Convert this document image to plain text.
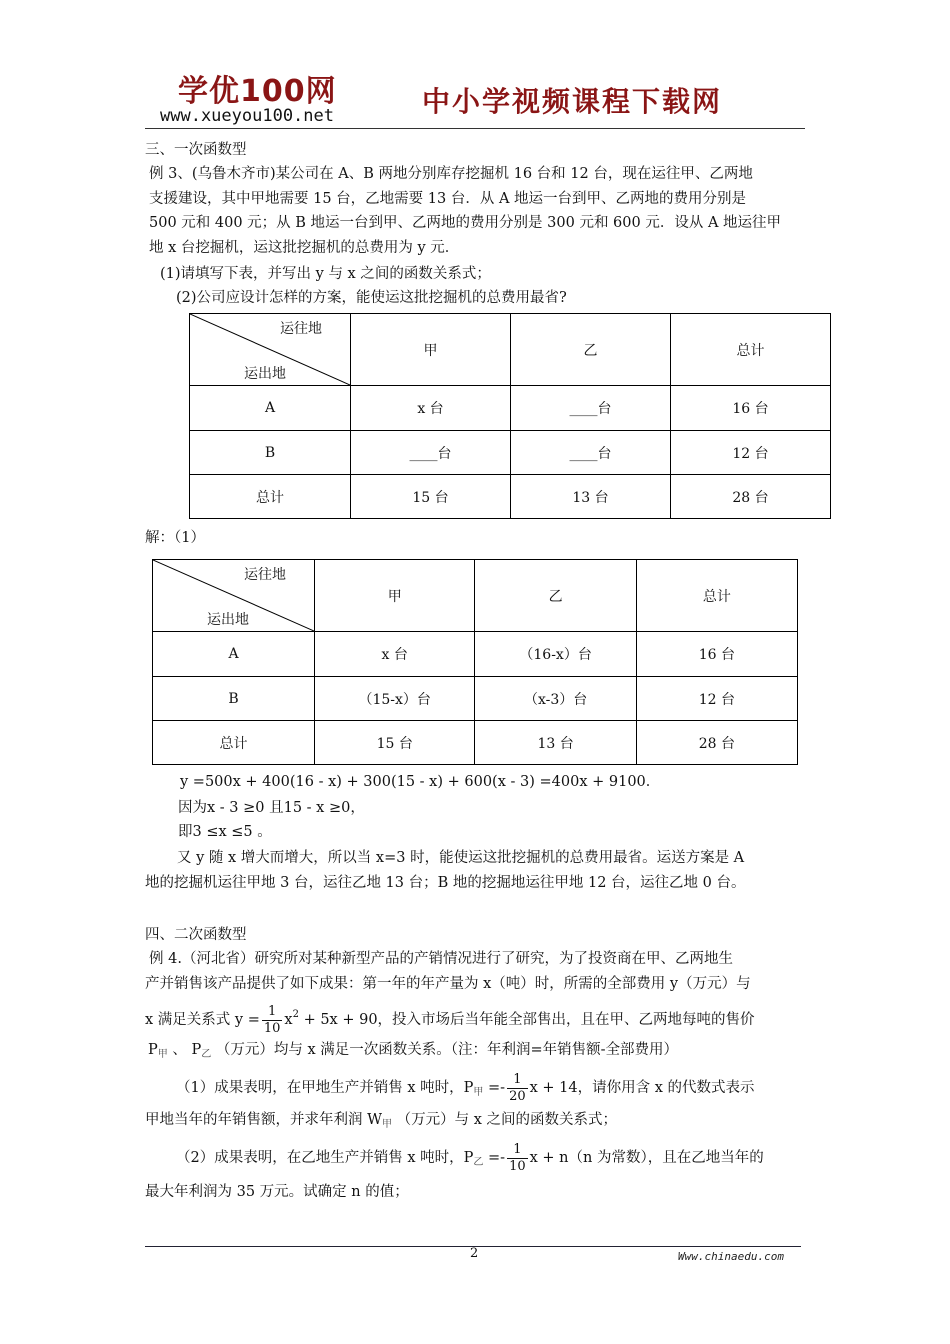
学优100网
www.xueyou100.net	中小学视频课程下载网
三、一次函数型
例 3、(乌鲁木齐市)某公司在 A、B 两地分别库存挖掘机 16 台和 12 台，现在运往甲、乙两地
支援建设，其中甲地需要 15 台，乙地需要 13 台．从 A 地运一台到甲、乙两地的费用分别是
500 元和 400 元；从 B 地运一台到甲、乙两地的费用分别是 300 元和 600 元．设从 A 地运往甲
地 x 台挖掘机，运这批挖掘机的总费用为 y 元．
(1)请填写下表，并写出 y 与 x 之间的函数关系式；
(2)公司应设计怎样的方案，能使运这批挖掘机的总费用最省?
运往地
运出地	甲	乙	总计
A	x 台	____台	16 台
B	____台	____台	12 台
总计	15 台	13 台	28 台
解：（1）
运往地
运出地	甲	乙	总计
A	x 台	（16-x）台	16 台
B	（15-x）台	（x-3）台	12 台
总计	15 台	13 台	28 台
y =500x + 400(16 - x) + 300(15 - x) + 600(x - 3) =400x + 9100．
因为x - 3 ≥0 且15 - x ≥0，
即3 ≤x ≤5 。
又 y 随 x 增大而增大，所以当 x=3 时，能使运这批挖掘机的总费用最省。运送方案是 A
地的挖掘机运往甲地 3 台，运往乙地 13 台；B 地的挖掘地运往甲地 12 台，运往乙地 0 台。
四、二次函数型
例 4.（河北省）研究所对某种新型产品的产销情况进行了研究，为了投资商在甲、乙两地生
产并销售该产品提供了如下成果：第一年的年产量为 x（吨）时，所需的全部费用 y（万元）与
x 满足关系式 $y = \frac{1}{10} x^2 + 5x + 90$，投入市场后当年能全部售出，且在甲、乙两地每吨的售价
$P_甲$ 、 $P_乙$ （万元）均与 x 满足一次函数关系。（注：年利润=年销售额-全部费用）
（1）成果表明，在甲地生产并销售 x 吨时，$P_甲 =- \frac{1}{20}$ x + 14，请你用含 x 的代数式表示
甲地当年的年销售额，并求年利润 $W_甲$ （万元）与 x 之间的函数关系式；
（2）成果表明，在乙地生产并销售 x 吨时，$P_乙 =- \frac{1}{10}$ x + n（n 为常数），且在乙地当年的
最大年利润为 35 万元。试确定 n 的值；
2	Www.chinaedu.com
